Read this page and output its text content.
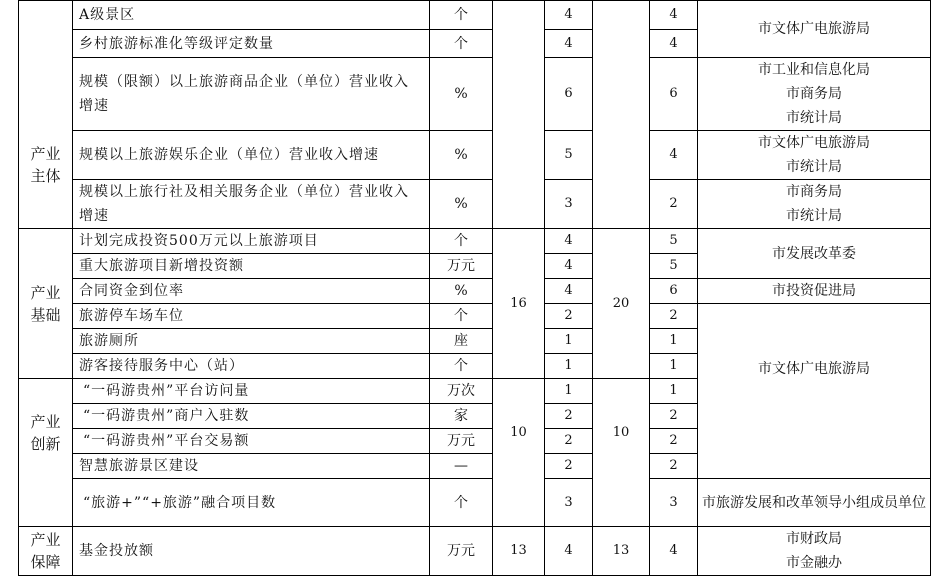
产业
主体	A级景区	个		4		4	市文体广电旅游局

	乡村旅游标准化等级评定数量	个		4		4	
	规模（限额）以上旅游商品企业（单位）营业收入增速	%		6		6	市工业和信息化局
市商务局
市统计局

	规模以上旅游娱乐企业（单位）营业收入增速	%		5		4	市文体广电旅游局
市统计局

	规模以上旅行社及相关服务企业（单位）营业收入增速	%		3		2	市商务局
市统计局

产业
基础	计划完成投资500万元以上旅游项目	个	16	4	20	5	市发展改革委

	重大旅游项目新增投资额	万元		4		5	
	合同资金到位率	%		4		6	市投资促进局

	旅游停车场车位	个		2		2	市文体广电旅游局

	旅游厕所	座		1		1	
	游客接待服务中心（站）	个		1		1	

产业
创新	“一码游贵州”平台访问量	万次	10	1	10	1	
	“一码游贵州”商户入驻数	家		2		2	
	“一码游贵州”平台交易额	万元		2		2	
	智慧旅游景区建设	—		2		2	
	“旅游+”“+旅游”融合项目数	个		3		3	市旅游发展和改革领导小组成员单位

产业
保障	基金投放额	万元	13	4	13	4	市财政局
市金融办
